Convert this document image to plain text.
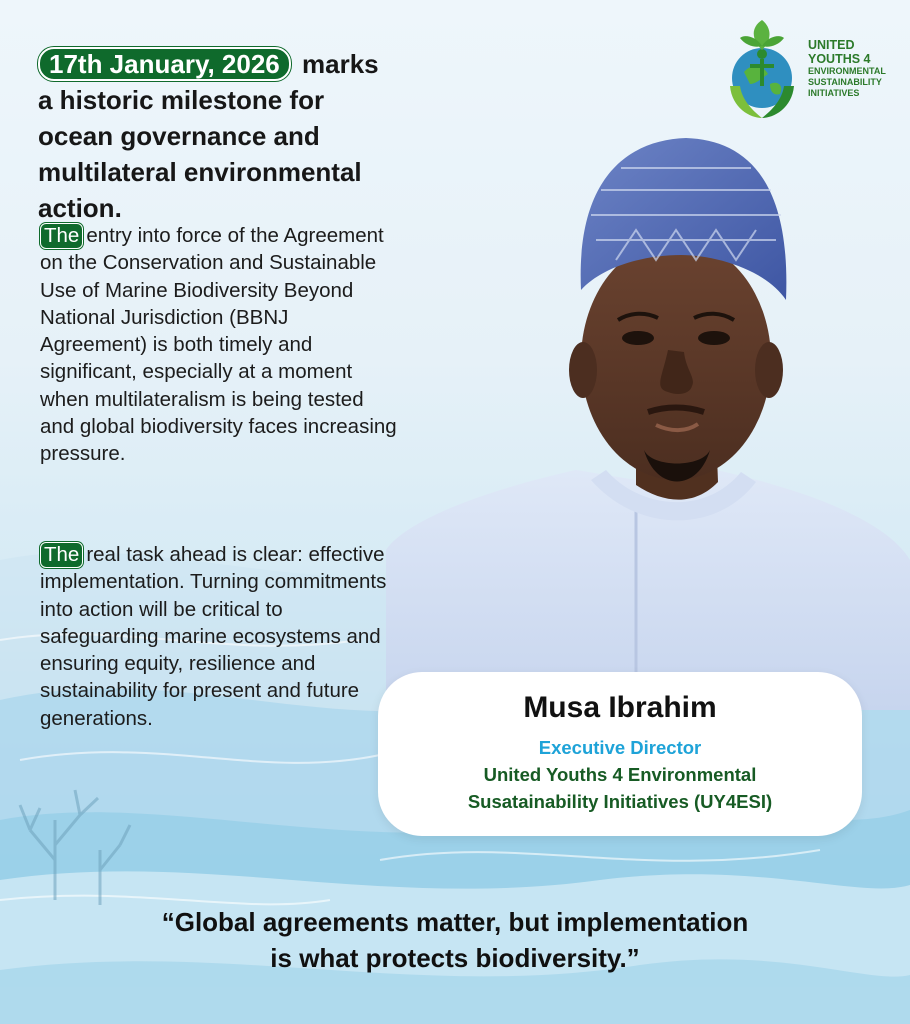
17th January, 2026 marks a historic milestone for ocean governance and multilateral environmental action.
The entry into force of the Agreement on the Conservation and Sustainable Use of Marine Biodiversity Beyond National Jurisdiction (BBNJ Agreement) is both timely and significant, especially at a moment when multilateralism is being tested and global biodiversity faces increasing pressure.
The real task ahead is clear: effective implementation. Turning commitments into action will be critical to safeguarding marine ecosystems and ensuring equity, resilience and sustainability for present and future generations.
UNITED
YOUTHS 4
ENVIRONMENTAL
SUSTAINABILITY
INITIATIVES
Musa Ibrahim
Executive Director
United Youths 4 Environmental
Susatainability Initiatives (UY4ESI)
“Global agreements matter, but implementation
is what protects biodiversity.”
